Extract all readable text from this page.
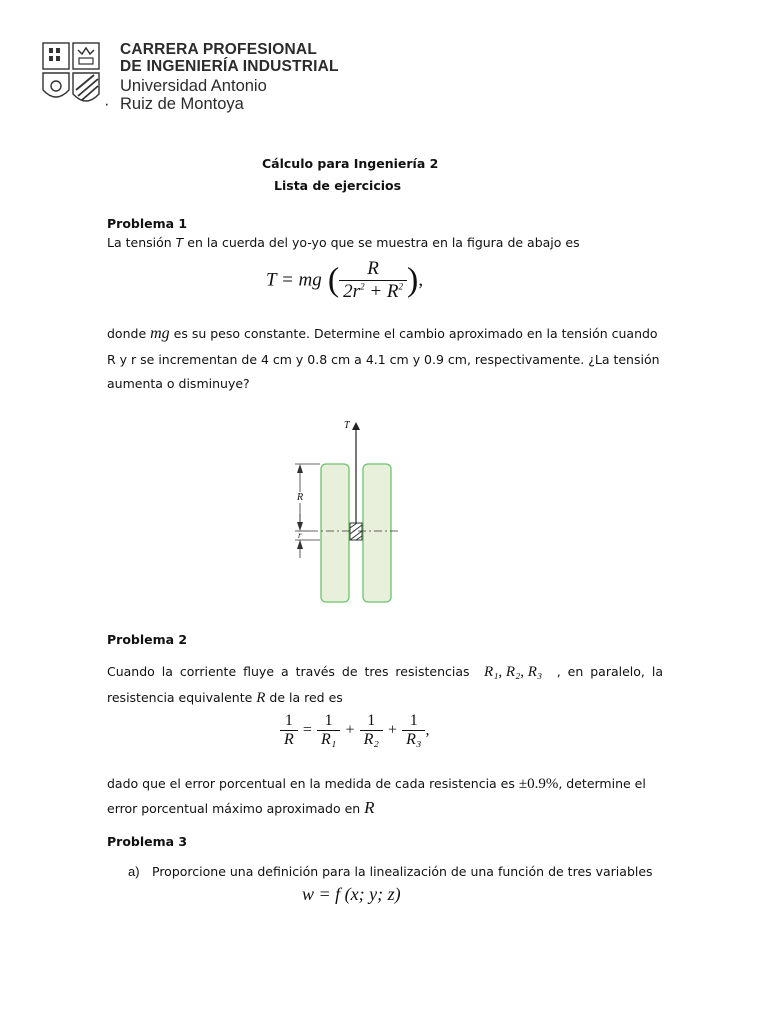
CARRERA PROFESIONAL
DE INGENIERÍA INDUSTRIAL
Universidad Antonio
· Ruiz de Montoya
Cálculo para Ingeniería 2
Lista de ejercicios
Problema 1
La tensión T en la cuerda del yo-yo que se muestra en la figura de abajo es
T = mg ( $\frac{R}{2r^2 + R^2}$ ),
donde mg es su peso constante. Determine el cambio aproximado en la tensión cuando
R y r se incrementan de 4 cm y 0.8 cm a 4.1 cm y 0.9 cm, respectivamente. ¿La tensión
aumenta o disminuye?
T
R
r
Problema 2
Cuando la corriente fluye a través de tres resistencias R₁, R₂, R₃ , en paralelo, la
resistencia equivalente R de la red es
$\frac{1}{R} = \frac{1}{\text{R₁}} + \frac{1}{\text{R₂}} + \frac{1}{\text{R₃}}$ ,
dado que el error porcentual en la medida de cada resistencia es ±0.9%, determine el
error porcentual máximo aproximado en R
Problema 3
a) Proporcione una definición para la linealización de una función de tres variables
w = f (x; y; z)
